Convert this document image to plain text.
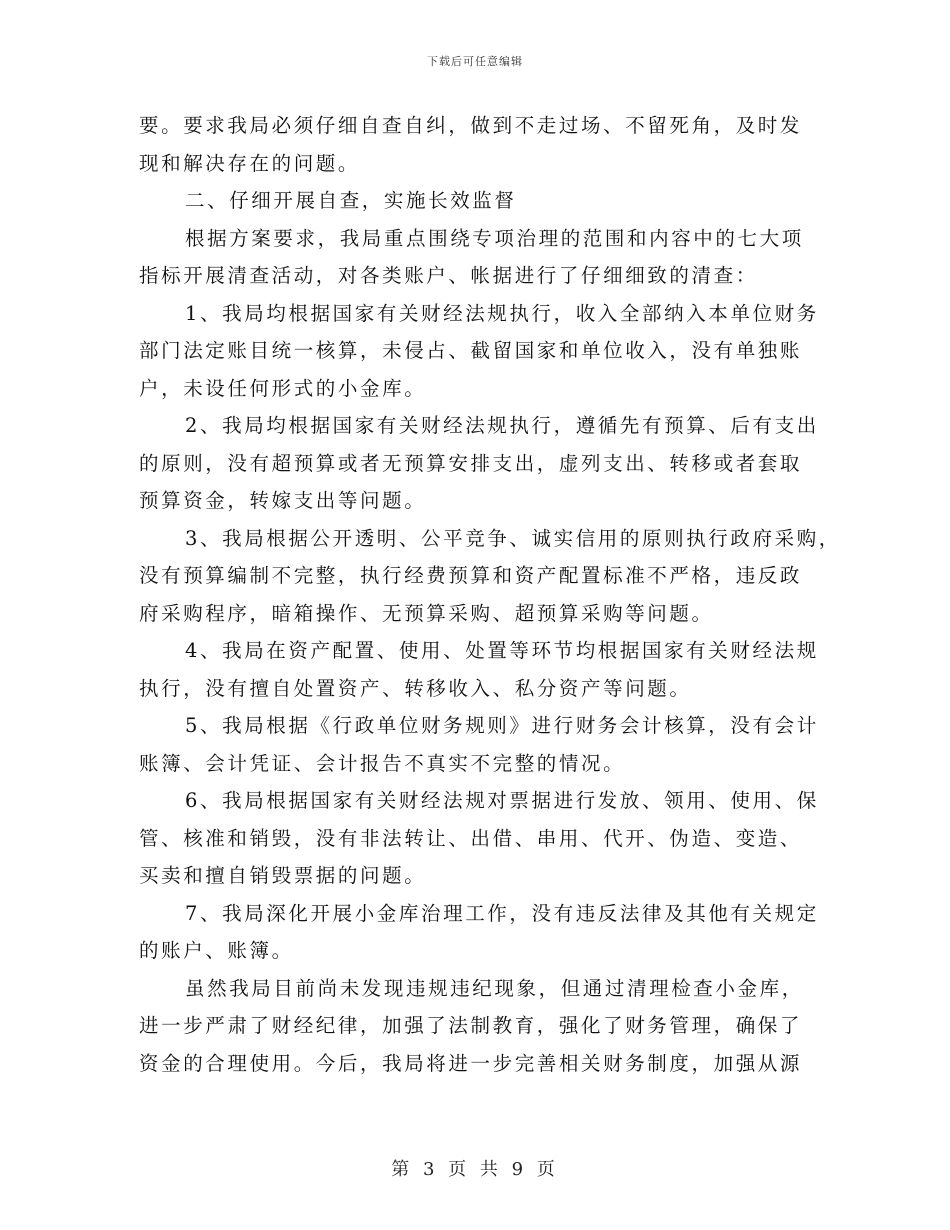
下载后可任意编辑
要。要求我局必须仔细自查自纠，做到不走过场、不留死角，及时发
现和解决存在的问题。
二、仔细开展自查，实施长效监督
根据方案要求，我局重点围绕专项治理的范围和内容中的七大项
指标开展清查活动，对各类账户、帐据进行了仔细细致的清查：
1、我局均根据国家有关财经法规执行，收入全部纳入本单位财务
部门法定账目统一核算，未侵占、截留国家和单位收入，没有单独账
户，未设任何形式的小金库。
2、我局均根据国家有关财经法规执行，遵循先有预算、后有支出
的原则，没有超预算或者无预算安排支出，虚列支出、转移或者套取
预算资金，转嫁支出等问题。
3、我局根据公开透明、公平竞争、诚实信用的原则执行政府采购，
没有预算编制不完整，执行经费预算和资产配置标准不严格，违反政
府采购程序，暗箱操作、无预算采购、超预算采购等问题。
4、我局在资产配置、使用、处置等环节均根据国家有关财经法规
执行，没有擅自处置资产、转移收入、私分资产等问题。
5、我局根据《行政单位财务规则》进行财务会计核算，没有会计
账簿、会计凭证、会计报告不真实不完整的情况。
6、我局根据国家有关财经法规对票据进行发放、领用、使用、保
管、核准和销毁，没有非法转让、出借、串用、代开、伪造、变造、
买卖和擅自销毁票据的问题。
7、我局深化开展小金库治理工作，没有违反法律及其他有关规定
的账户、账簿。
虽然我局目前尚未发现违规违纪现象，但通过清理检查小金库，
进一步严肃了财经纪律，加强了法制教育，强化了财务管理，确保了
资金的合理使用。今后，我局将进一步完善相关财务制度，加强从源
第 3 页 共 9 页
